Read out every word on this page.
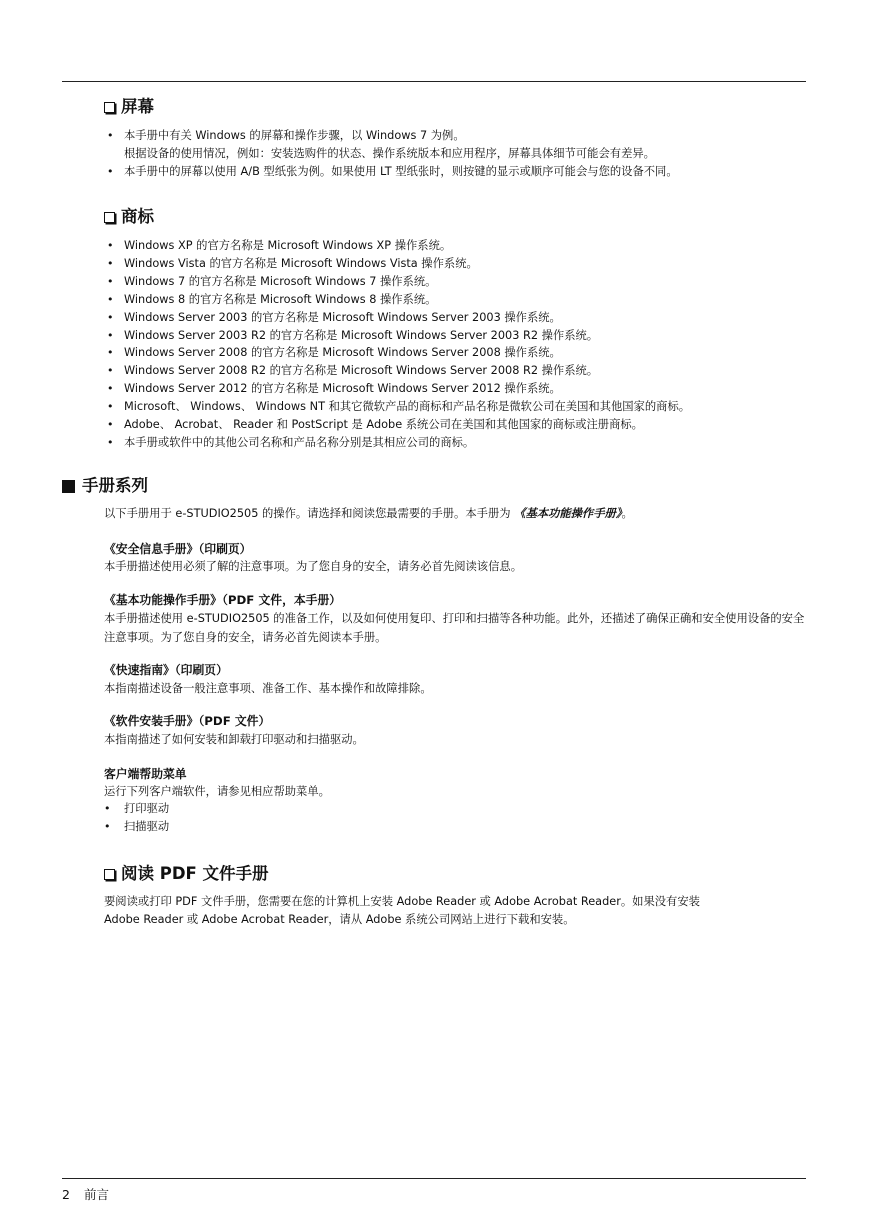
屏幕
• 本手册中有关 Windows 的屏幕和操作步骤，以 Windows 7 为例。
根据设备的使用情况，例如：安装选购件的状态、操作系统版本和应用程序，屏幕具体细节可能会有差异。
• 本手册中的屏幕以使用 A/B 型纸张为例。如果使用 LT 型纸张时，则按键的显示或顺序可能会与您的设备不同。
商标
• Windows XP 的官方名称是 Microsoft Windows XP 操作系统。
• Windows Vista 的官方名称是 Microsoft Windows Vista 操作系统。
• Windows 7 的官方名称是 Microsoft Windows 7 操作系统。
• Windows 8 的官方名称是 Microsoft Windows 8 操作系统。
• Windows Server 2003 的官方名称是 Microsoft Windows Server 2003 操作系统。
• Windows Server 2003 R2 的官方名称是 Microsoft Windows Server 2003 R2 操作系统。
• Windows Server 2008 的官方名称是 Microsoft Windows Server 2008 操作系统。
• Windows Server 2008 R2 的官方名称是 Microsoft Windows Server 2008 R2 操作系统。
• Windows Server 2012 的官方名称是 Microsoft Windows Server 2012 操作系统。
• Microsoft、 Windows、 Windows NT 和其它微软产品的商标和产品名称是微软公司在美国和其他国家的商标。
• Adobe、 Acrobat、 Reader 和 PostScript 是 Adobe 系统公司在美国和其他国家的商标或注册商标。
• 本手册或软件中的其他公司名称和产品名称分别是其相应公司的商标。
手册系列

以下手册用于 e-STUDIO2505 的操作。请选择和阅读您最需要的手册。本手册为 《基本功能操作手册》。

《安全信息手册》（印刷页）

本手册描述使用必须了解的注意事项。为了您自身的安全，请务必首先阅读该信息。

《基本功能操作手册》（PDF 文件，本手册）

本手册描述使用 e-STUDIO2505 的准备工作，以及如何使用复印、打印和扫描等各种功能。此外，还描述了确保正确和安全使用设备的安全注意事项。为了您自身的安全，请务必首先阅读本手册。

《快速指南》（印刷页）

本指南描述设备一般注意事项、准备工作、基本操作和故障排除。

《软件安装手册》（PDF 文件）

本指南描述了如何安装和卸载打印驱动和扫描驱动。

客户端帮助菜单

运行下列客户端软件，请参见相应帮助菜单。

• 打印驱动
• 扫描驱动
阅读 PDF 文件手册

要阅读或打印 PDF 文件手册，您需要在您的计算机上安装 Adobe Reader 或 Adobe Acrobat Reader。如果没有安装

Adobe Reader 或 Adobe Acrobat Reader，请从 Adobe 系统公司网站上进行下载和安装。

2 前言
